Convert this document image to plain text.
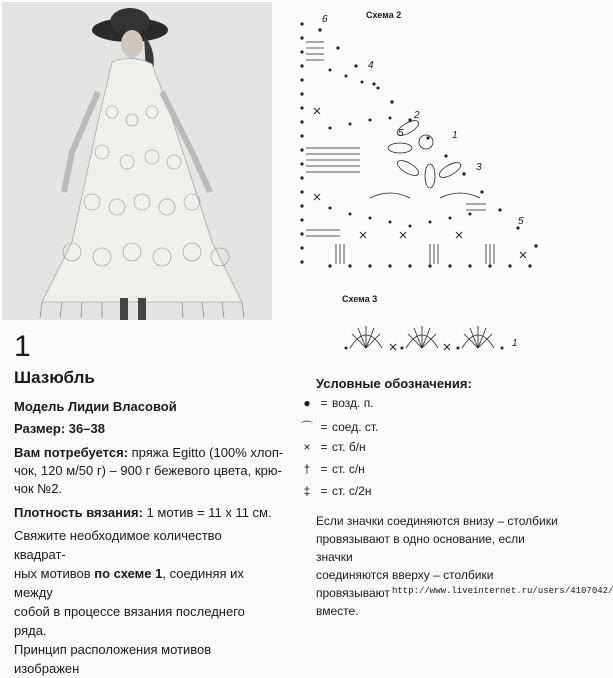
1
Шазюбль
Модель Лидии Власовой
Размер: 36–38
Вам потребуется: пряжа Egitto (100% хлоп-
чок, 120 м/50 г) – 900 г бежевого цвета, крю-
чок №2.
Плотность вязания: 1 мотив = 11 х 11 см.
Свяжите необходимое количество квадрат-
ных мотивов по схеме 1, соединяя их между
собой в процессе вязания последнего ряда.
Принцип расположения мотивов изображен
Схема 2
6
4
2
5	1
3
5
Схема 3
1
Условные обозначения:
● = возд. п.
⌒ = соед. ст.
× = ст. б/н
† = ст. с/н
‡ = ст. с/2н
Если значки соединяются внизу – столбики
провязывают в одно основание, если значки
соединяются вверху – столбики провязывают
вместе.
http://www.liveinternet.ru/users/4107042/
